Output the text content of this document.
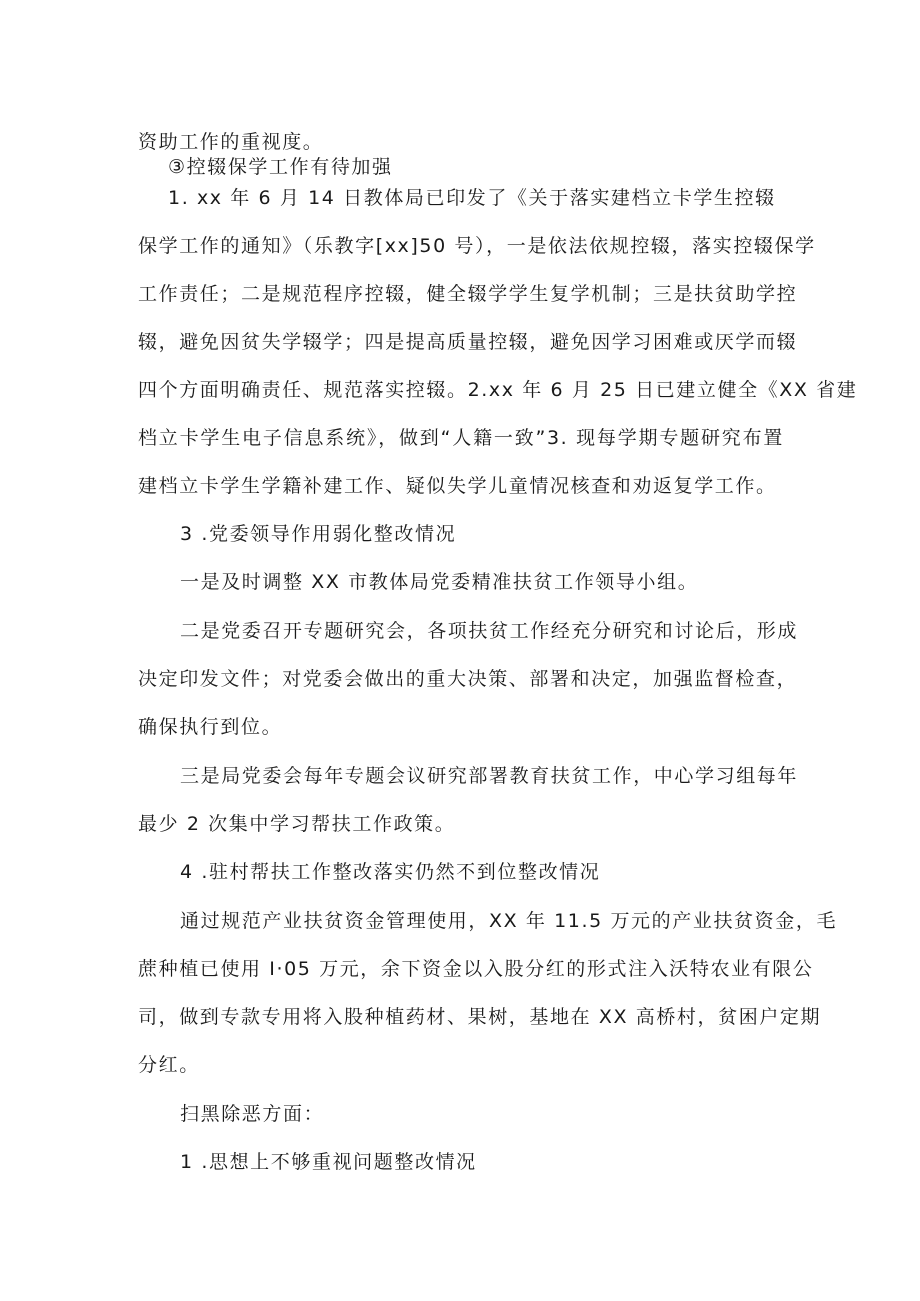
资助工作的重视度。
③控辍保学工作有待加强
1. xx 年 6 月 14 日教体局已印发了《关于落实建档立卡学生控辍
保学工作的通知》（乐教字[xx]50 号），一是依法依规控辍，落实控辍保学
工作责任；二是规范程序控辍，健全辍学学生复学机制；三是扶贫助学控
辍，避免因贫失学辍学；四是提高质量控辍，避免因学习困难或厌学而辍
四个方面明确责任、规范落实控辍。2.xx 年 6 月 25 日已建立健全《XX 省建
档立卡学生电子信息系统》，做到“人籍一致”3. 现每学期专题研究布置
建档立卡学生学籍补建工作、疑似失学儿童情况核查和劝返复学工作。
3 .党委领导作用弱化整改情况
一是及时调整 XX 市教体局党委精准扶贫工作领导小组。
二是党委召开专题研究会，各项扶贫工作经充分研究和讨论后，形成
决定印发文件；对党委会做出的重大决策、部署和决定，加强监督检查，
确保执行到位。
三是局党委会每年专题会议研究部署教育扶贫工作，中心学习组每年
最少 2 次集中学习帮扶工作政策。
4 .驻村帮扶工作整改落实仍然不到位整改情况
通过规范产业扶贫资金管理使用，XX 年 11.5 万元的产业扶贫资金，毛
蔗种植已使用 I·05 万元，余下资金以入股分红的形式注入沃特农业有限公
司，做到专款专用将入股种植药材、果树，基地在 XX 高桥村，贫困户定期
分红。
扫黑除恶方面：
1 .思想上不够重视问题整改情况
